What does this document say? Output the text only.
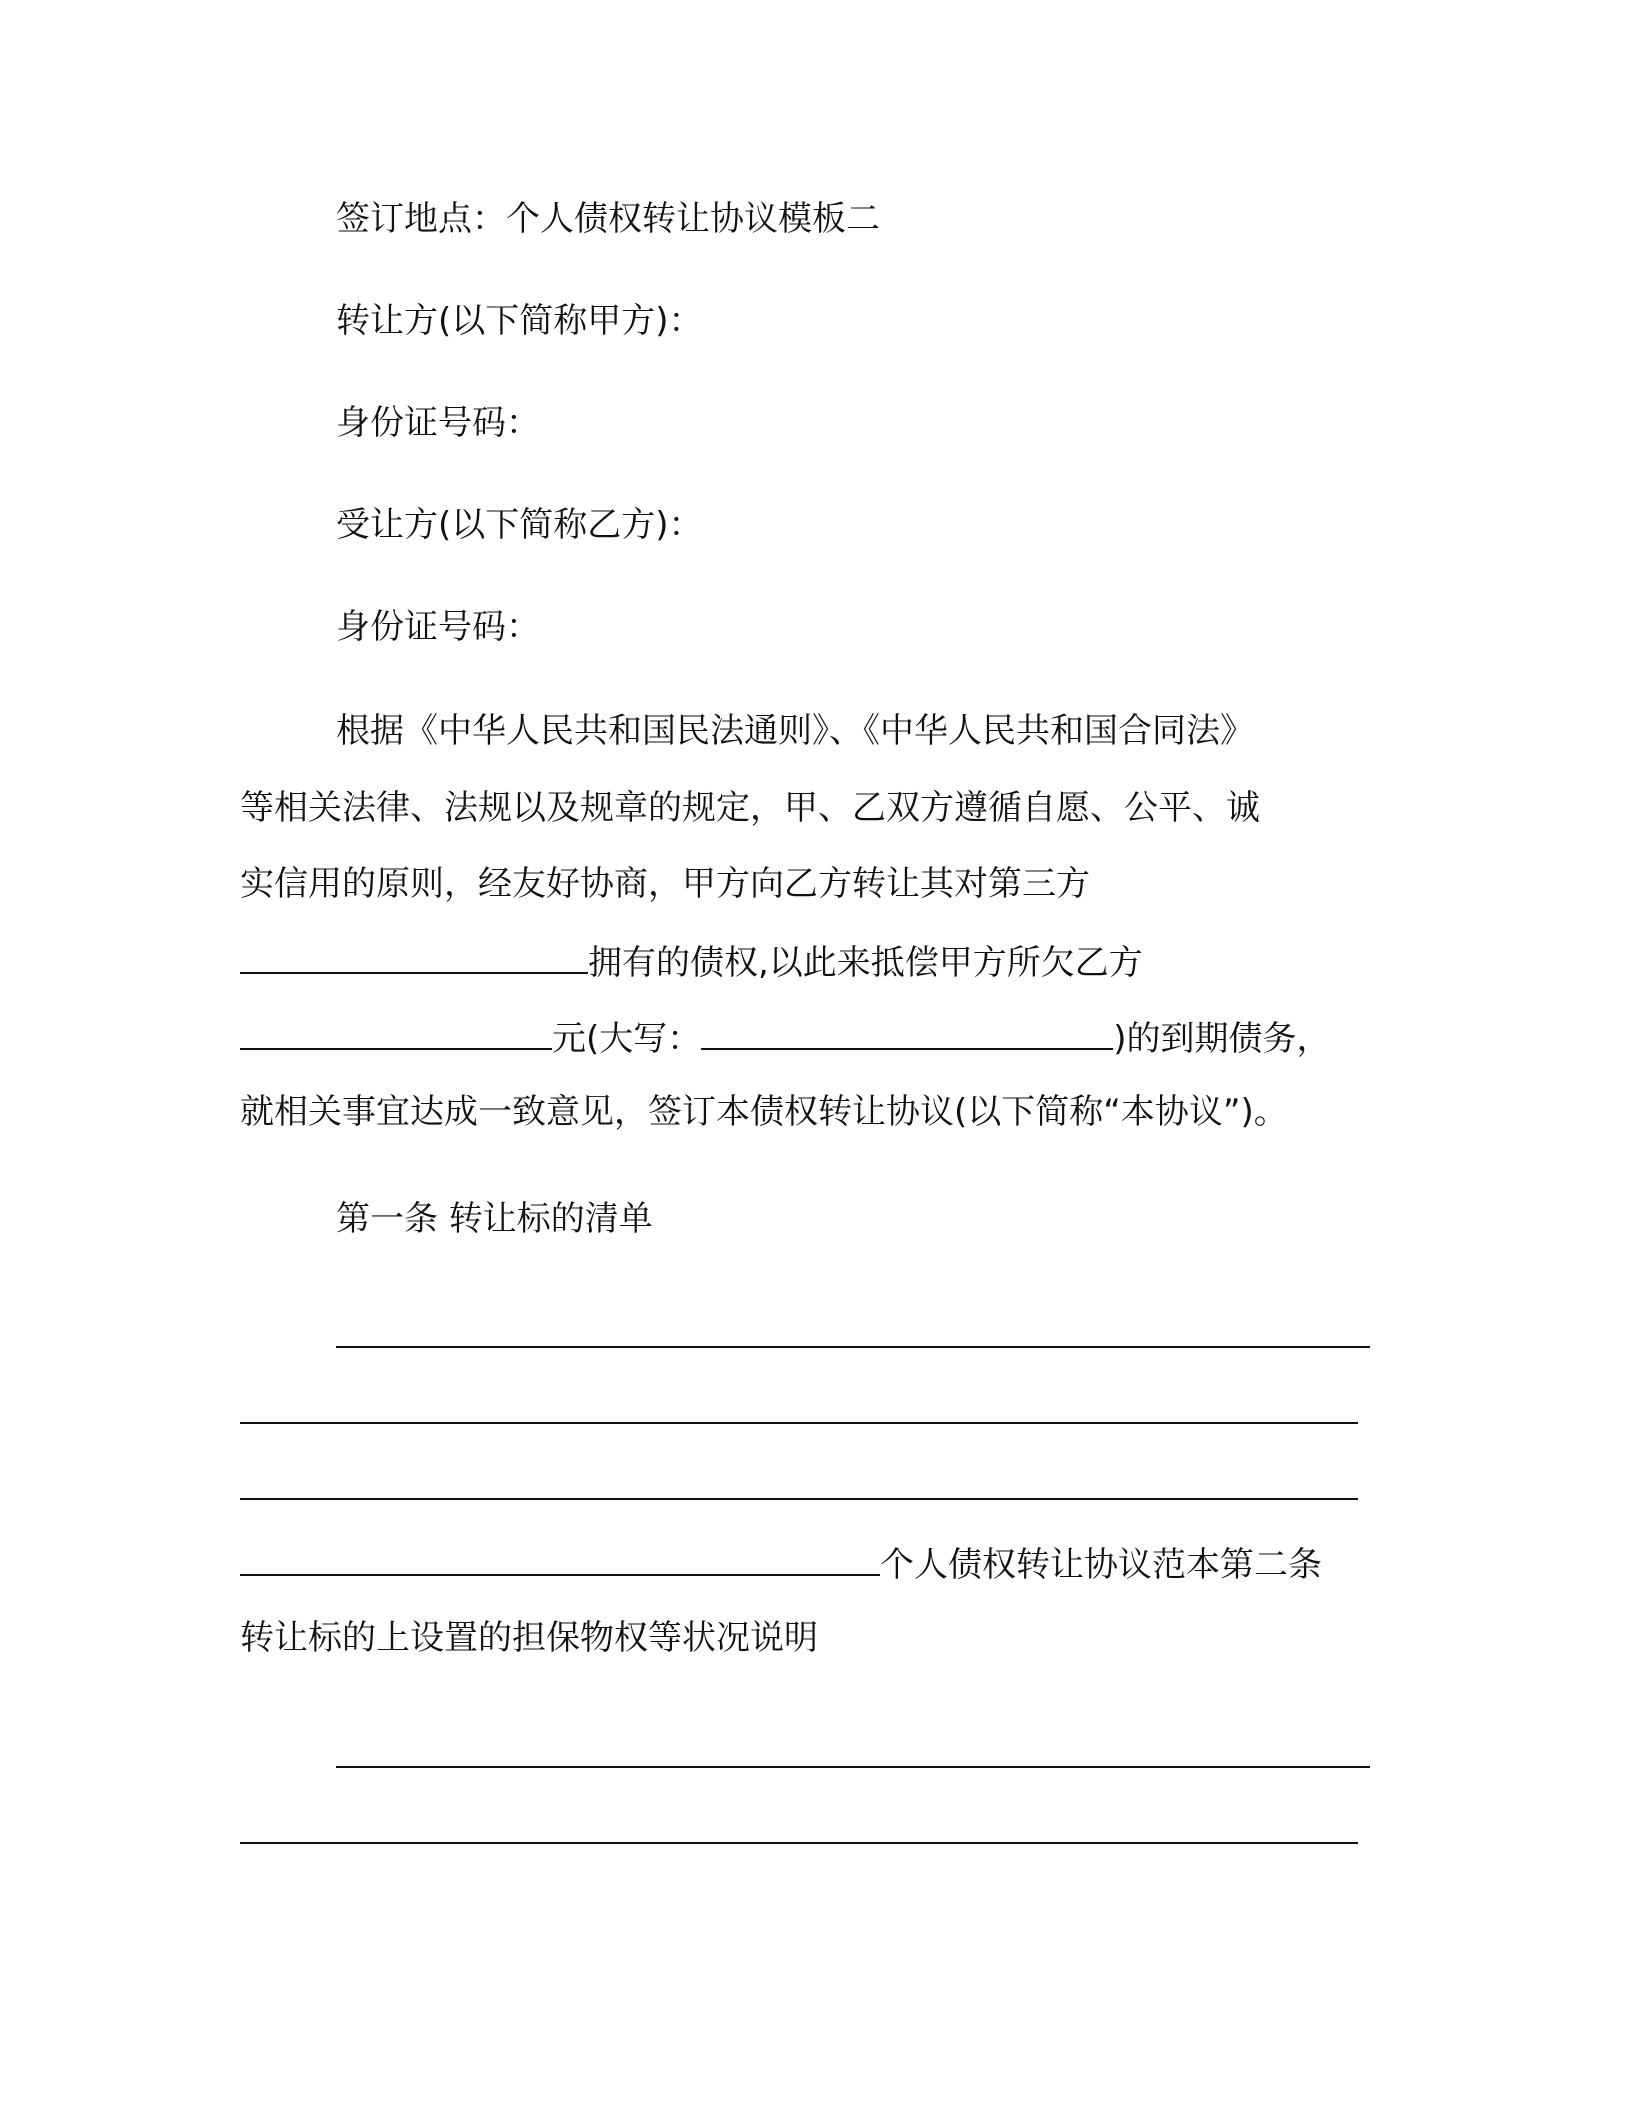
签订地点：个人债权转让协议模板二
转让方(以下简称甲方)：
身份证号码：
受让方(以下简称乙方)：
身份证号码：
根据《中华人民共和国民法通则》、《中华人民共和国合同法》
等相关法律、法规以及规章的规定，甲、乙双方遵循自愿、公平、诚
实信用的原则，经友好协商，甲方向乙方转让其对第三方
拥有的债权,以此来抵偿甲方所欠乙方
元(大写：	)的到期债务，
就相关事宜达成一致意见，签订本债权转让协议(以下简称“本协议”)。
第一条 转让标的清单
个人债权转让协议范本第二条
转让标的上设置的担保物权等状况说明
